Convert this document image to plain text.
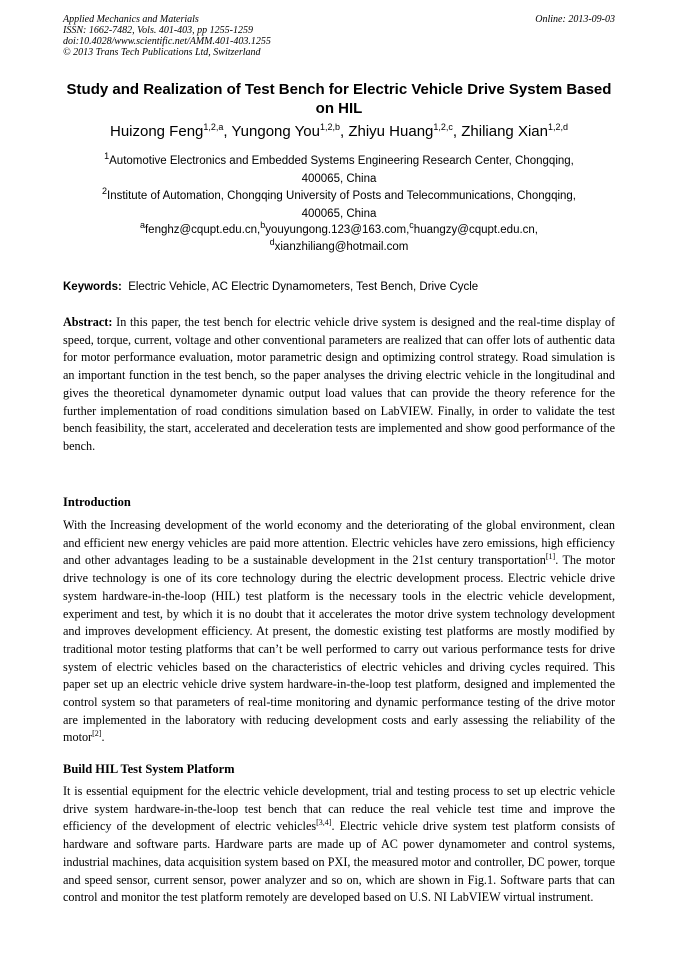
Applied Mechanics and Materials
ISSN: 1662-7482, Vols. 401-403, pp 1255-1259
doi:10.4028/www.scientific.net/AMM.401-403.1255
© 2013 Trans Tech Publications Ltd, Switzerland
Online: 2013-09-03
Study and Realization of Test Bench for Electric Vehicle Drive System Based on HIL
Huizong Feng$^{1,2,a}$, Yungong You$^{1,2,b}$, Zhiyu Huang$^{1,2,c}$, Zhiliang Xian$^{1,2,d}$
$^1$Automotive Electronics and Embedded Systems Engineering Research Center, Chongqing,
400065, China
$^2$Institute of Automation, Chongqing University of Posts and Telecommunications, Chongqing,
400065, China
$^a$fenghz@cqupt.edu.cn,$^b$youyungong.123@163.com,$^c$huangzy@cqupt.edu.cn,
$^d$xianzhiliang@hotmail.com
Keywords: Electric Vehicle, AC Electric Dynamometers, Test Bench, Drive Cycle
Abstract: In this paper, the test bench for electric vehicle drive system is designed and the real-time display of speed, torque, current, voltage and other conventional parameters are realized that can offer lots of authentic data for motor performance evaluation, motor parametric design and optimizing control strategy. Road simulation is an important function in the test bench, so the paper analyses the driving electric vehicle in the longitudinal and gives the theoretical dynamometer dynamic output load values that can provide the theory reference for the further implementation of road conditions simulation based on LabVIEW. Finally, in order to validate the test bench feasibility, the start, accelerated and deceleration tests are implemented and show good performance of the bench.
Introduction
With the Increasing development of the world economy and the deteriorating of the global environment, clean and efficient new energy vehicles are paid more attention. Electric vehicles have zero emissions, high efficiency and other advantages leading to be a sustainable development in the 21st century transportation[1]. The motor drive technology is one of its core technology during the electric development process. Electric vehicle drive system hardware-in-the-loop (HIL) test platform is the necessary tools in the electric vehicle development, experiment and test, by which it is no doubt that it accelerates the motor drive system technology development and improves development efficiency. At present, the domestic existing test platforms are mostly modified by traditional motor testing platforms that can’t be well performed to carry out various performance tests for drive system of electric vehicles based on the characteristics of electric vehicles and driving cycles required. This paper set up an electric vehicle drive system hardware-in-the-loop test platform, designed and implemented the control system so that parameters of real-time monitoring and dynamic performance testing of the drive motor are implemented in the laboratory with reducing development costs and early assessing the reliability of the motor[2].
Build HIL Test System Platform
It is essential equipment for the electric vehicle development, trial and testing process to set up electric vehicle drive system hardware-in-the-loop test bench that can reduce the real vehicle test time and improve the efficiency of the development of electric vehicles[3,4]. Electric vehicle drive system test platform consists of hardware and software parts. Hardware parts are made up of AC power dynamometer and control systems, industrial machines, data acquisition system based on PXI, the measured motor and controller, DC power, torque and speed sensor, current sensor, power analyzer and so on, which are shown in Fig.1. Software parts that can control and monitor the test platform remotely are developed based on U.S. NI LabVIEW virtual instrument.
